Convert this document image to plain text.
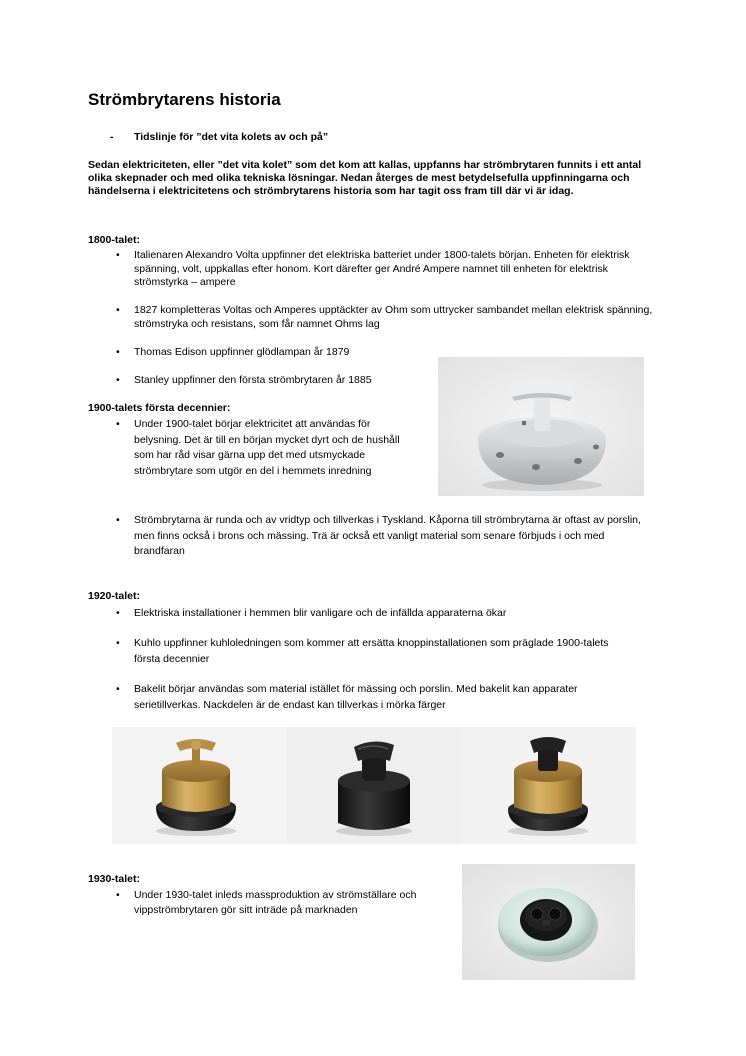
Strömbrytarens historia
- Tidslinje för ”det vita kolets av och på”
Sedan elektriciteten, eller ”det vita kolet” som det kom att kallas, uppfanns har strömbrytaren funnits i ett antal olika skepnader och med olika tekniska lösningar. Nedan återges de mest betydelsefulla uppfinningarna och händelserna i elektricitetens och strömbrytarens historia som har tagit oss fram till där vi är idag.
1800-talet:
• Italienaren Alexandro Volta uppfinner det elektriska batteriet under 1800-talets början. Enheten för elektrisk spänning, volt, uppkallas efter honom. Kort därefter ger André Ampere namnet till enheten för elektrisk strömstyrka – ampere
• 1827 kompletteras Voltas och Amperes upptäckter av Ohm som uttrycker sambandet mellan elektrisk spänning, strömstryka och resistans, som får namnet Ohms lag
• Thomas Edison uppfinner glödlampan år 1879
• Stanley uppfinner den första strömbrytaren år 1885
1900-talets första decennier:
• Under 1900-talet börjar elektricitet att användas för belysning. Det är till en början mycket dyrt och de hushåll som har råd visar gärna upp det med utsmyckade strömbrytare som utgör en del i hemmets inredning
• Strömbrytarna är runda och av vridtyp och tillverkas i Tyskland. Kåporna till strömbrytarna är oftast av porslin, men finns också i brons och mässing. Trä är också ett vanligt material som senare förbjuds i och med brandfaran
1920-talet:
• Elektriska installationer i hemmen blir vanligare och de infällda apparaterna ökar
• Kuhlo uppfinner kuhloledningen som kommer att ersätta knoppinstallationen som präglade 1900-talets första decennier
• Bakelit börjar användas som material istället för mässing och porslin. Med bakelit kan apparater serietillverkas. Nackdelen är de endast kan tillverkas i mörka färger
1930-talet:
• Under 1930-talet inleds massproduktion av strömställare och vippströmbrytaren gör sitt inträde på marknaden
